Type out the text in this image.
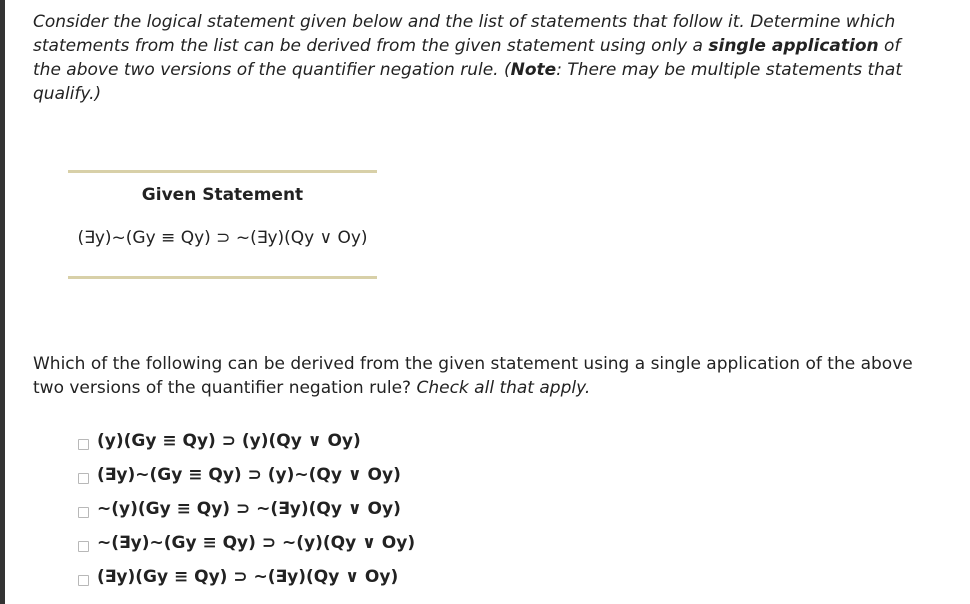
Consider the logical statement given below and the list of statements that follow it. Determine which statements from the list can be derived from the given statement using only a single application of the above two versions of the quantifier negation rule. (Note: There may be multiple statements that qualify.)

Given Statement
(∃y)~(Gy ≡ Qy) ⊃ ~(∃y)(Qy ∨ Oy)

Which of the following can be derived from the given statement using a single application of the above two versions of the quantifier negation rule? Check all that apply.

(y)(Gy ≡ Qy) ⊃ (y)(Qy ∨ Oy)
(∃y)~(Gy ≡ Qy) ⊃ (y)~(Qy ∨ Oy)
~(y)(Gy ≡ Qy) ⊃ ~(∃y)(Qy ∨ Oy)
~(∃y)~(Gy ≡ Qy) ⊃ ~(y)(Qy ∨ Oy)
(∃y)(Gy ≡ Qy) ⊃ ~(∃y)(Qy ∨ Oy)
